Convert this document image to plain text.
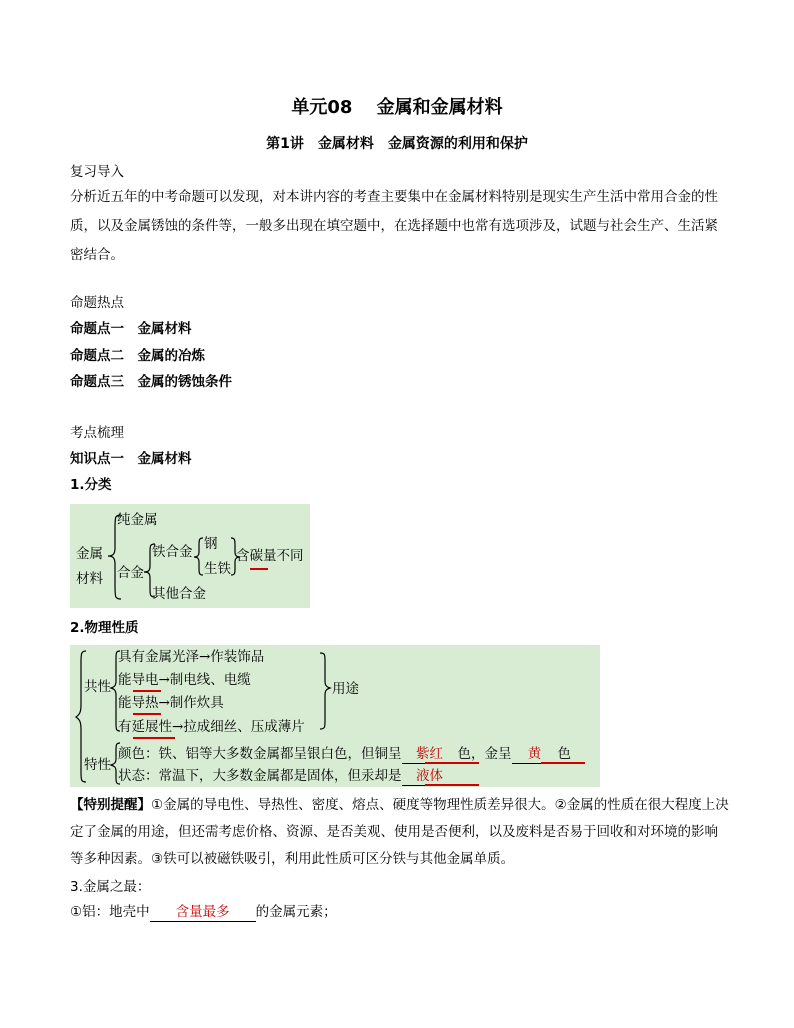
单元08　 金属和金属材料
第1讲　金属材料　金属资源的利用和保护
复习导入
分析近五年的中考命题可以发现，对本讲内容的考查主要集中在金属材料特别是现实生产生活中常用合金的性质，以及金属锈蚀的条件等，一般多出现在填空题中，在选择题中也常有选项涉及，试题与社会生产、生活紧密结合。
命题热点
命题点一　金属材料
命题点二　金属的冶炼
命题点三　金属的锈蚀条件
考点梳理
知识点一　金属材料
1.分类
金属
材料
纯金属
合金
铁合金 钢
生铁
含碳量不同
其他合金
2.物理性质
共性
特性
具有金属光泽→作装饰品
能导电→制电线、电缆
能导热→制作炊具
有延展性→拉成细丝、压成薄片
用途
颜色：铁、铝等大多数金属都呈银白色，但铜呈 紫红 色，金呈 黄 色
状态：常温下，大多数金属都是固体，但汞却是 液体
【特别提醒】①金属的导电性、导热性、密度、熔点、硬度等物理性质差异很大。②金属的性质在很大程度上决定了金属的用途，但还需考虑价格、资源、是否美观、使用是否便利，以及废料是否易于回收和对环境的影响等多种因素。③铁可以被磁铁吸引，利用此性质可区分铁与其他金属单质。
3.金属之最：
①铝：地壳中 含量最多 的金属元素；
